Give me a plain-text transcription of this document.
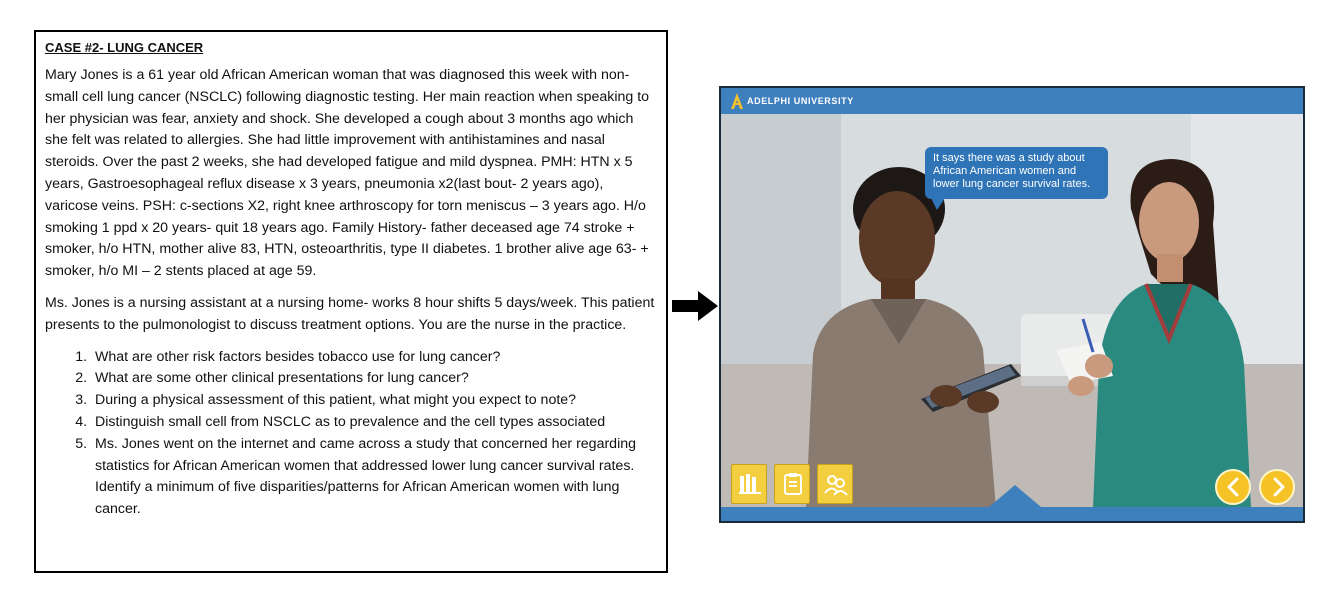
CASE #2- LUNG CANCER

Mary Jones is a 61 year old African American woman that was diagnosed this week with non-small cell lung cancer (NSCLC) following diagnostic testing. Her main reaction when speaking to her physician was fear, anxiety and shock. She developed a cough about 3 months ago which she felt was related to allergies. She had little improvement with antihistamines and nasal steroids. Over the past 2 weeks, she had developed fatigue and mild dyspnea. PMH: HTN x 5 years, Gastroesophageal reflux disease x 3 years, pneumonia x2(last bout- 2 years ago), varicose veins. PSH: c-sections X2, right knee arthroscopy for torn meniscus – 3 years ago. H/o smoking 1 ppd x 20 years- quit 18 years ago. Family History- father deceased age 74 stroke + smoker, h/o HTN, mother alive 83, HTN, osteoarthritis, type II diabetes. 1 brother alive age 63- + smoker, h/o MI – 2 stents placed at age 59.

Ms. Jones is a nursing assistant at a nursing home- works 8 hour shifts 5 days/week. This patient presents to the pulmonologist to discuss treatment options. You are the nurse in the practice.

1. What are other risk factors besides tobacco use for lung cancer?
2. What are some other clinical presentations for lung cancer?
3. During a physical assessment of this patient, what might you expect to note?
4. Distinguish small cell from NSCLC as to prevalence and the cell types associated
5. Ms. Jones went on the internet and came across a study that concerned her regarding statistics for African American women that addressed lower lung cancer survival rates. Identify a minimum of five disparities/patterns for African American women with lung cancer.
ADELPHI UNIVERSITY
It says there was a study about African American women and lower lung cancer survival rates.
